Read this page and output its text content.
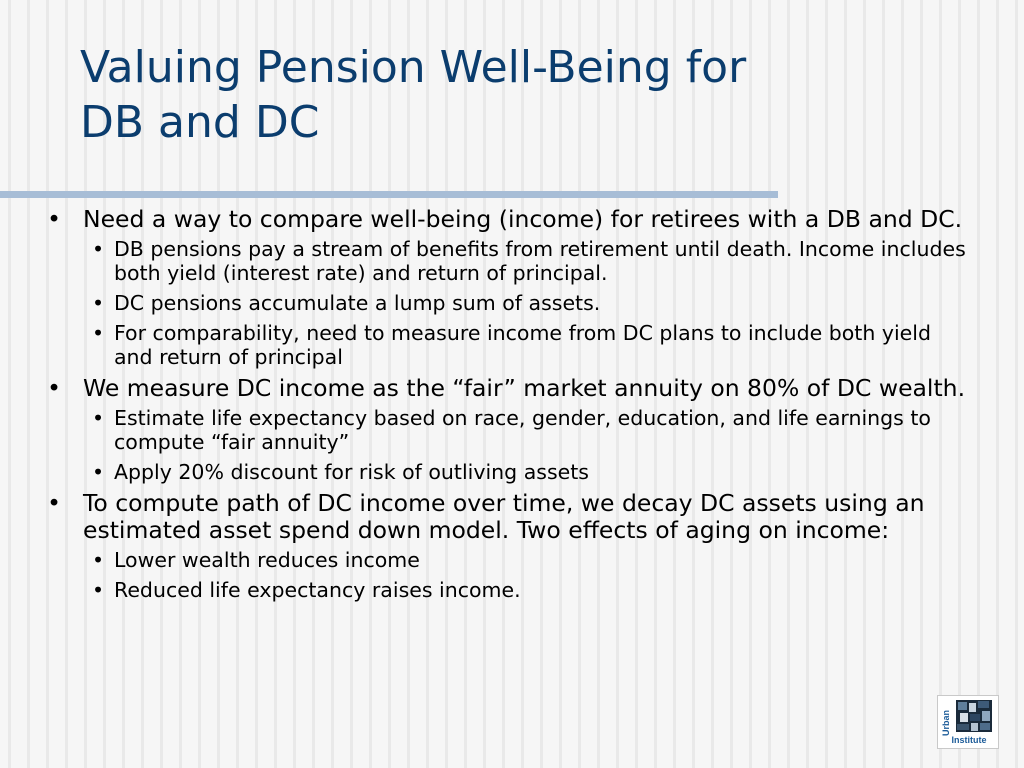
Valuing Pension Well-Being for
DB and DC
• Need a way to compare well-being (income) for retirees with a DB and DC.
• DB pensions pay a stream of benefits from retirement until death. Income includes both yield (interest rate) and return of principal.
• DC pensions accumulate a lump sum of assets.
• For comparability, need to measure income from DC plans to include both yield and return of principal
• We measure DC income as the “fair” market annuity on 80% of DC wealth.
• Estimate life expectancy based on race, gender, education, and life earnings to compute “fair annuity”
• Apply 20% discount for risk of outliving assets
• To compute path of DC income over time, we decay DC assets using an estimated asset spend down model. Two effects of aging on income:
• Lower wealth reduces income
• Reduced life expectancy raises income.
Urban
Institute
